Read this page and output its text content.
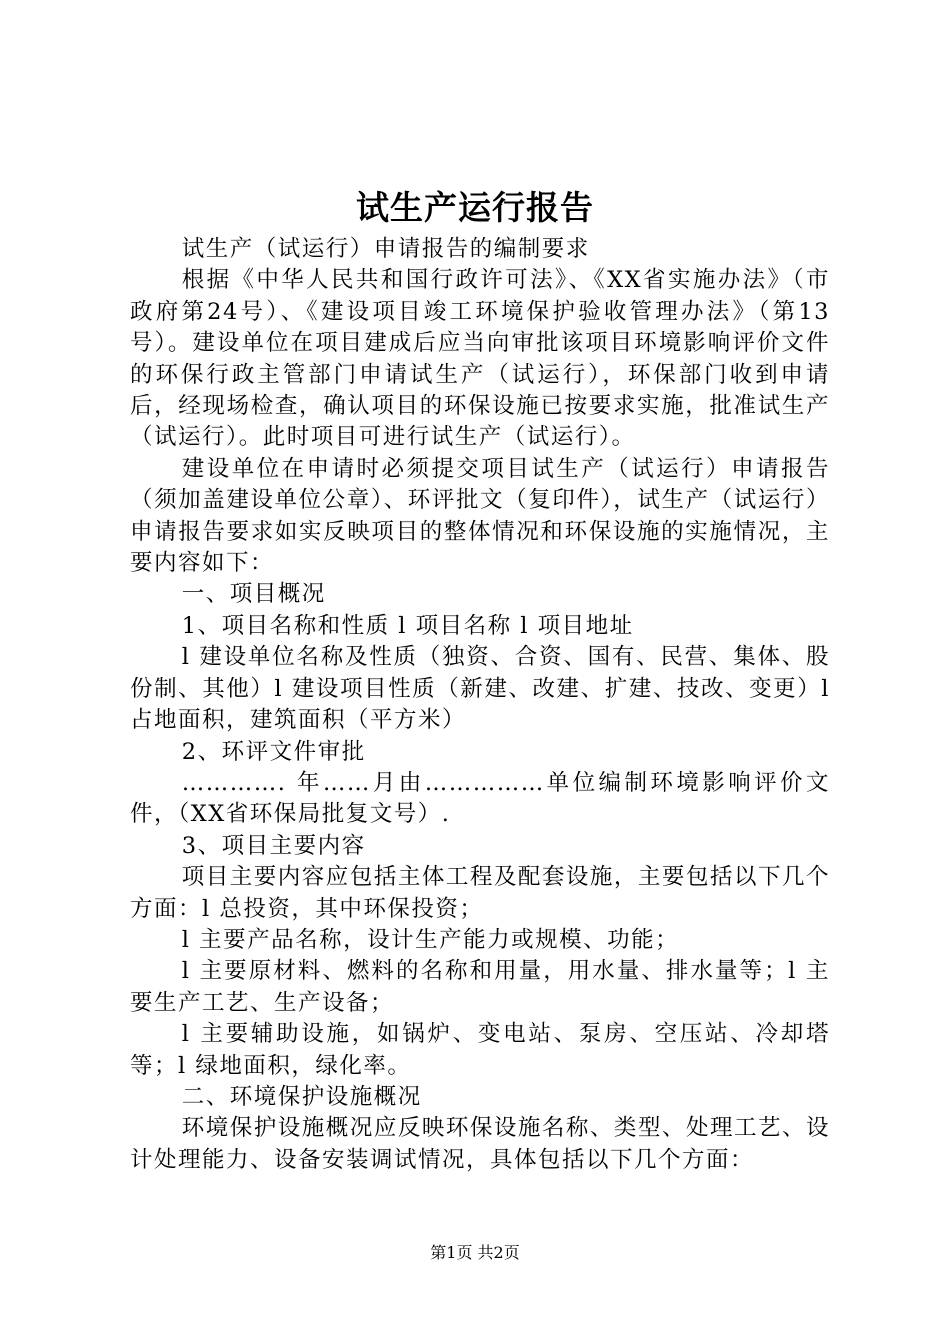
试生产运行报告

试生产（试运行）申请报告的编制要求

根据《中华人民共和国行政许可法》、《XX省实施办法》（市政府第24号）、《建设项目竣工环境保护验收管理办法》（第13号）。建设单位在项目建成后应当向审批该项目环境影响评价文件的环保行政主管部门申请试生产（试运行），环保部门收到申请后，经现场检查，确认项目的环保设施已按要求实施，批准试生产（试运行）。此时项目可进行试生产（试运行）。

建设单位在申请时必须提交项目试生产（试运行）申请报告（须加盖建设单位公章）、环评批文（复印件），试生产（试运行）申请报告要求如实反映项目的整体情况和环保设施的实施情况，主要内容如下：

一、项目概况

1、项目名称和性质 l 项目名称 l 项目地址

l 建设单位名称及性质（独资、合资、国有、民营、集体、股份制、其他）l 建设项目性质（新建、改建、扩建、技改、变更）l 占地面积，建筑面积（平方米）

2、环评文件审批

…………. 年……月由……………单位编制环境影响评价文件，（XX省环保局批复文号）.

3、项目主要内容

项目主要内容应包括主体工程及配套设施，主要包括以下几个方面：l 总投资，其中环保投资；

l 主要产品名称，设计生产能力或规模、功能；

l 主要原材料、燃料的名称和用量，用水量、排水量等；l 主要生产工艺、生产设备；

l 主要辅助设施，如锅炉、变电站、泵房、空压站、冷却塔等；l 绿地面积，绿化率。

二、环境保护设施概况

环境保护设施概况应反映环保设施名称、类型、处理工艺、设计处理能力、设备安装调试情况，具体包括以下几个方面：

第1页 共2页
